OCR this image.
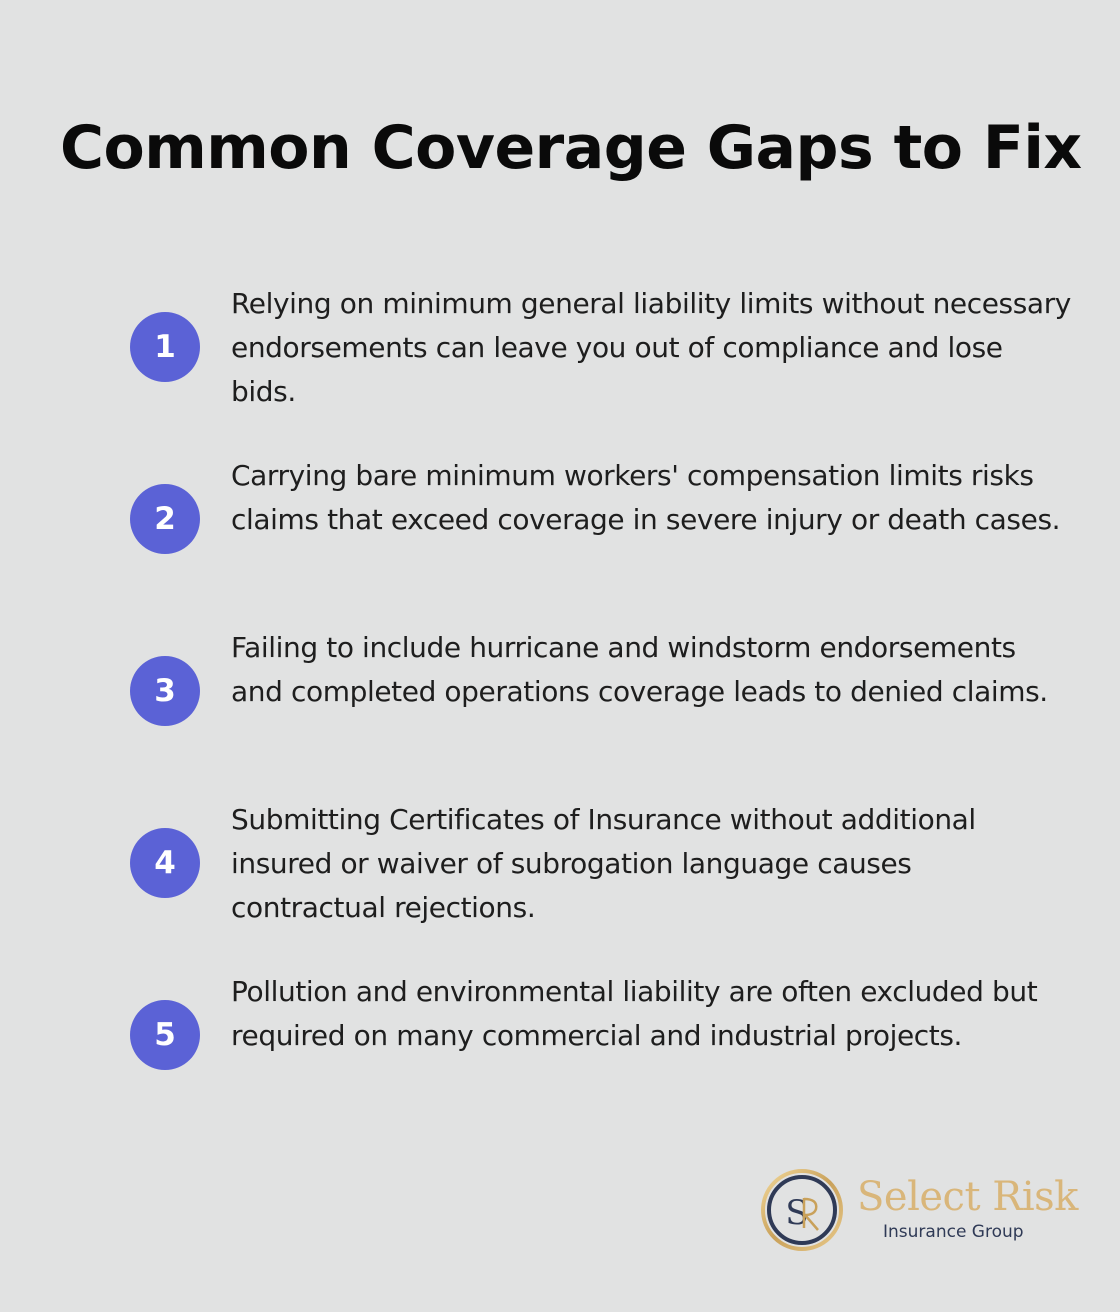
Common Coverage Gaps to Fix
1

Relying on minimum general liability limits without necessary endorsements can leave you out of compliance and lose bids.

2

Carrying bare minimum workers' compensation limits risks claims that exceed coverage in severe injury or death cases.

3

Failing to include hurricane and windstorm endorsements and completed operations coverage leads to denied claims.

4

Submitting Certificates of Insurance without additional insured or waiver of subrogation language causes contractual rejections.

5

Pollution and environmental liability are often excluded but required on many commercial and industrial projects.

S Select Risk
Insurance Group
